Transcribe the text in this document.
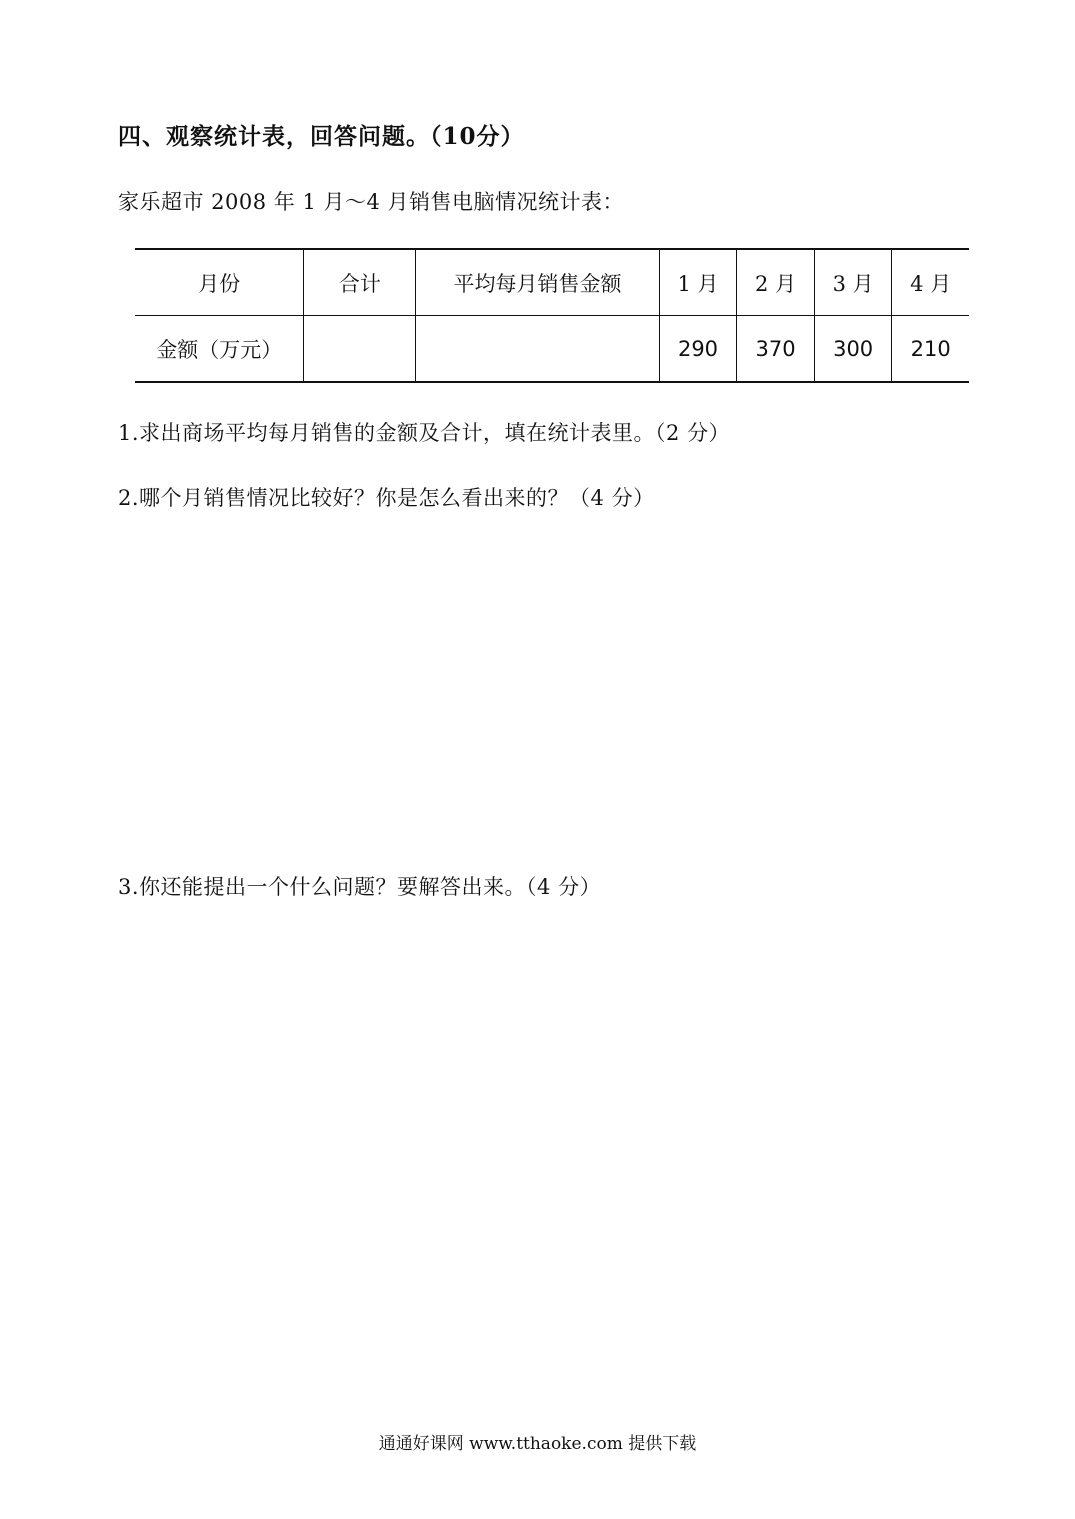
四、观察统计表，回答问题。（10分）
家乐超市 2008 年 1 月～4 月销售电脑情况统计表：
月份	合计	平均每月销售金额	1 月	2 月	3 月	4 月
金额（万元）			290	370	300	210
1.求出商场平均每月销售的金额及合计，填在统计表里。（2 分）
2.哪个月销售情况比较好？你是怎么看出来的？（4 分）
3.你还能提出一个什么问题？要解答出来。（4 分）
通通好课网 www.tthaoke.com 提供下载
